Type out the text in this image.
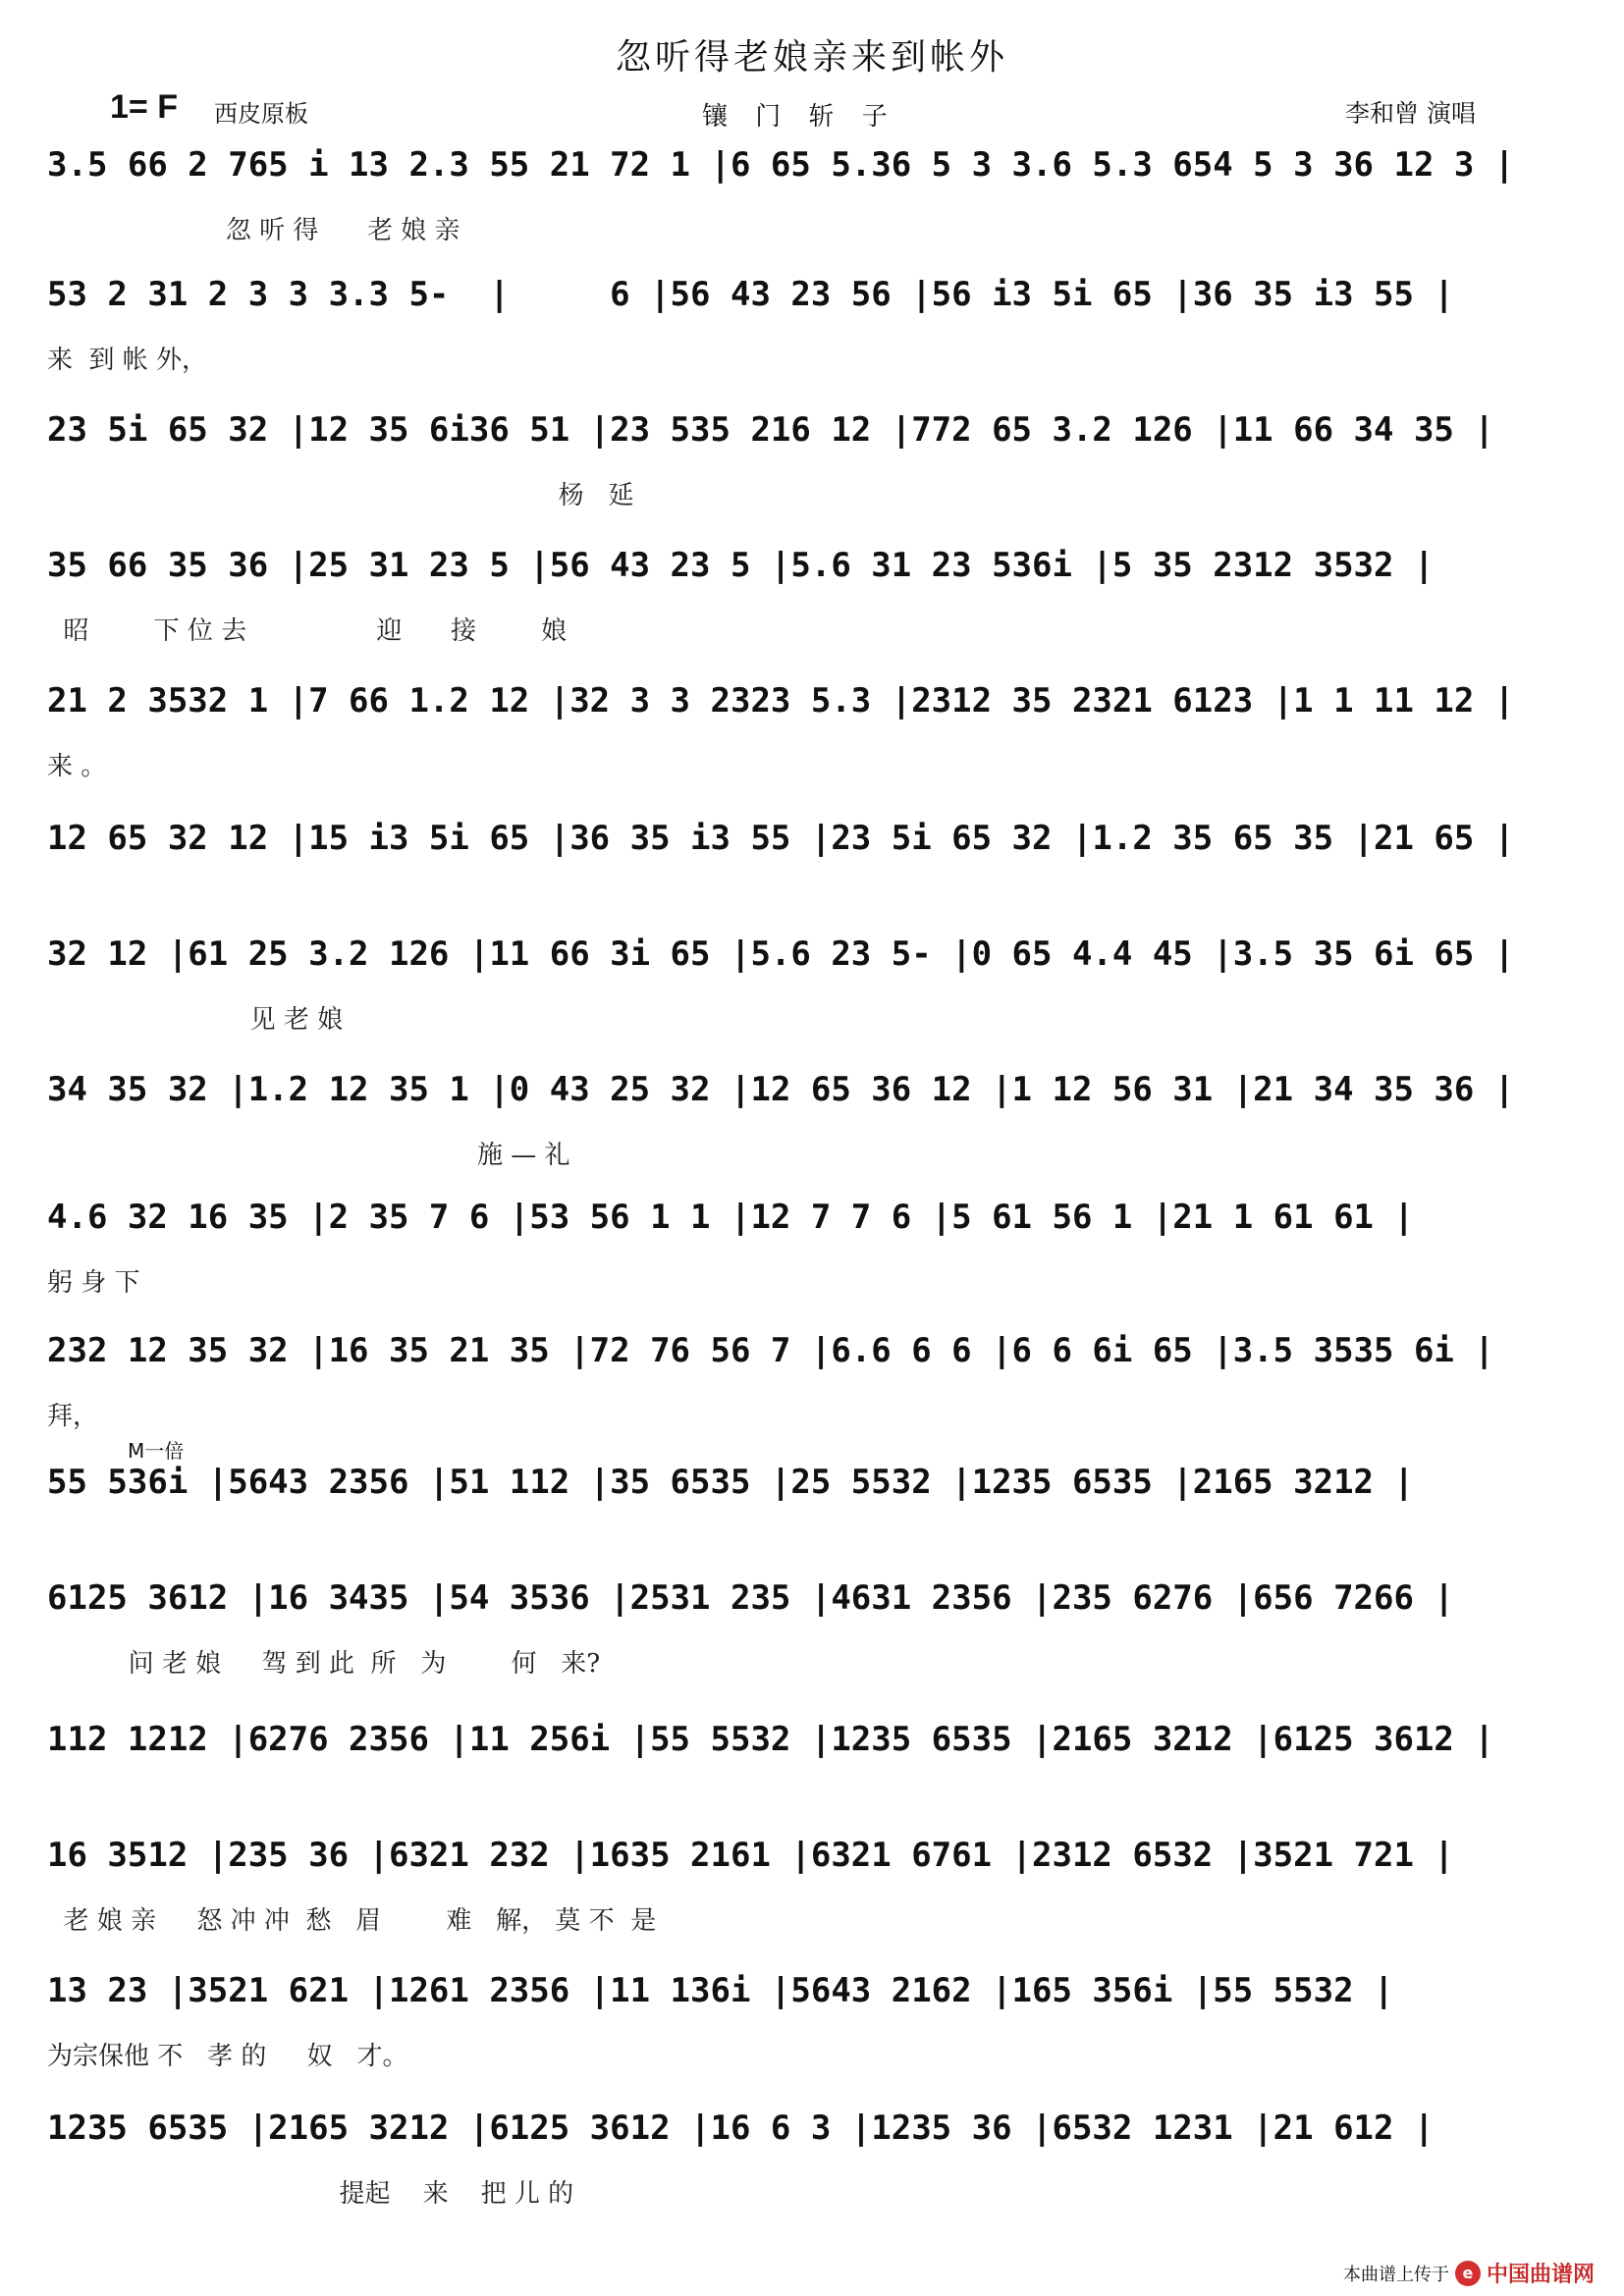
忽听得老娘亲来到帐外
1= F 西皮原板	镶 门 斩 子	李和曾 演唱
3.5 66 2 765 i 13 2.3 55 21 72 1 |6 65 5.36 5 3 3.6 5.3 654 5 3 36 12 3 |
忽 听 得      老 娘 亲
53 2 31 2 3 3 3.3 5-  |     6 |56 43 23 56 |56 i3 5i 65 |36 35 i3 55 |
来  到 帐 外，
23 5i 65 32 |12 35 6i36 51 |23 535 216 12 |772 65 3.2 126 |11 66 34 35 |
杨   延
35 66 35 36 |25 31 23 5 |56 43 23 5 |5.6 31 23 536i |5 35 2312 3532 |
昭        下 位 去                迎      接        娘
21 2 3532 1 |7 66 1.2 12 |32 3 3 2323 5.3 |2312 35 2321 6123 |1 1 11 12 |
来 。
12 65 32 12 |15 i3 5i 65 |36 35 i3 55 |23 5i 65 32 |1.2 35 65 35 |21 65 |
32 12 |61 25 3.2 126 |11 66 3i 65 |5.6 23 5- |0 65 4.4 45 |3.5 35 6i 65 |
见 老 娘
34 35 32 |1.2 12 35 1 |0 43 25 32 |12 65 36 12 |1 12 56 31 |21 34 35 36 |
施 — 礼
4.6 32 16 35 |2 35 7 6 |53 56 1 1 |12 7 7 6 |5 61 56 1 |21 1 61 61 |
躬 身 下
232 12 35 32 |16 35 21 35 |72 76 56 7 |6.6 6 6 |6 6 6i 65 |3.5 3535 6i |
拜，
55 536i |5643 2356 |51 112 |35 6535 |25 5532 |1235 6535 |2165 3212 |
6125 3612 |16 3435 |54 3536 |2531 235 |4631 2356 |235 6276 |656 7266 |
问 老 娘     驾 到 此  所   为        何   来?
112 1212 |6276 2356 |11 256i |55 5532 |1235 6535 |2165 3212 |6125 3612 |
16 3512 |235 36 |6321 232 |1635 2161 |6321 6761 |2312 6532 |3521 721 |
老 娘 亲     怒 冲 冲  愁   眉        难   解， 莫 不  是
13 23 |3521 621 |1261 2356 |11 136i |5643 2162 |165 356i |55 5532 |
为宗保他 不   孝 的     奴   才。
1235 6535 |2165 3212 |6125 3612 |16 6 3 |1235 36 |6532 1231 |21 612 |
提起    来    把 儿 的
M一倍
本曲谱上传于 e 中国曲谱网
